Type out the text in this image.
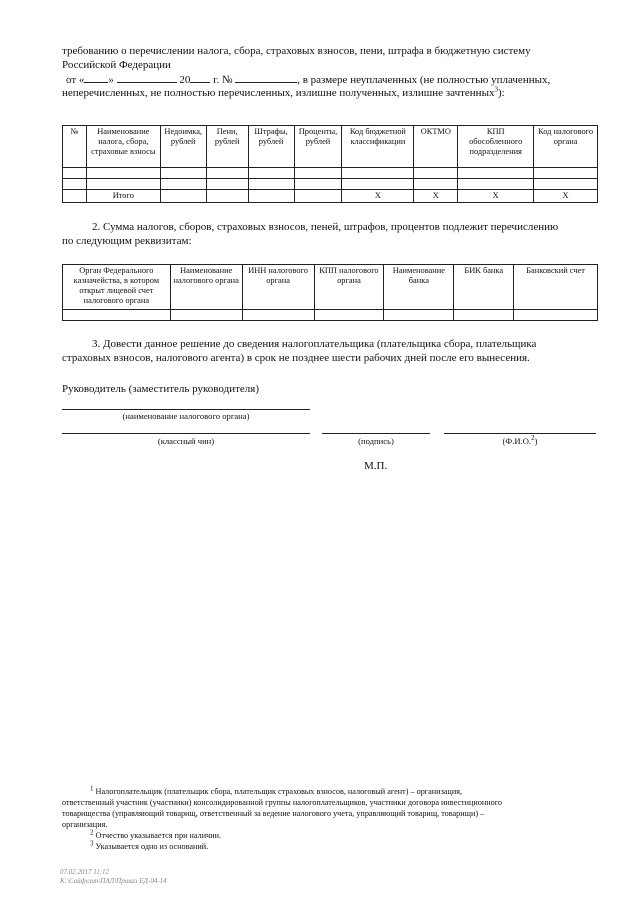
требованию о перечислении налога, сбора, страховых взносов, пени, штрафа в бюджетную систему
Российской Федерации
от « »	20 г. №	, в размере неуплаченных (не полностью уплаченных,
неперечисленных, не полностью перечисленных, излишне полученных, излишне зачтенных$^3$):
№	Наименование налога, сбора, страховые взносы	Недоимка, рублей	Пени, рублей	Штрафы, рублей	Проценты, рублей	Код бюджетной классификации	ОКТМО	КПП обособленного подразделения	Код налогового органа

	Итого					X	X	X	X
2. Сумма налогов, сборов, страховых взносов, пеней, штрафов, процентов подлежит перечислению
по следующим реквизитам:
Орган Федерального казначейства, в котором открыт лицевой счет налогового органа	Наименование налогового органа	ИНН налогового органа	КПП налогового органа	Наименование банка	БИК банка	Банковский счет

3. Довести данное решение до сведения налогоплательщика (плательщика сбора, плательщика
страховых взносов, налогового агента) в срок не позднее шести рабочих дней после его вынесения.
Руководитель (заместитель руководителя)
(наименование налогового органа)
(классный чин)	(подпись)	(Ф.И.О.$^2$)
М.П.
$^1$ Налогоплательщик (плательщик сбора, плательщик страховых взносов, налоговый агент) – организация,
ответственный участник (участники) консолидированной группы налогоплательщиков, участники договора инвестиционного
товарищества (управляющий товарищ, ответственный за ведение налогового учета, управляющий товарищ, товарищи) –
организация.
$^2$ Отчество указывается при наличии.
$^3$ Указывается одно из оснований.
07.02.2017 11:12
К:\Сайфулин\ПАЛ\Приказ ЕД-04-14
